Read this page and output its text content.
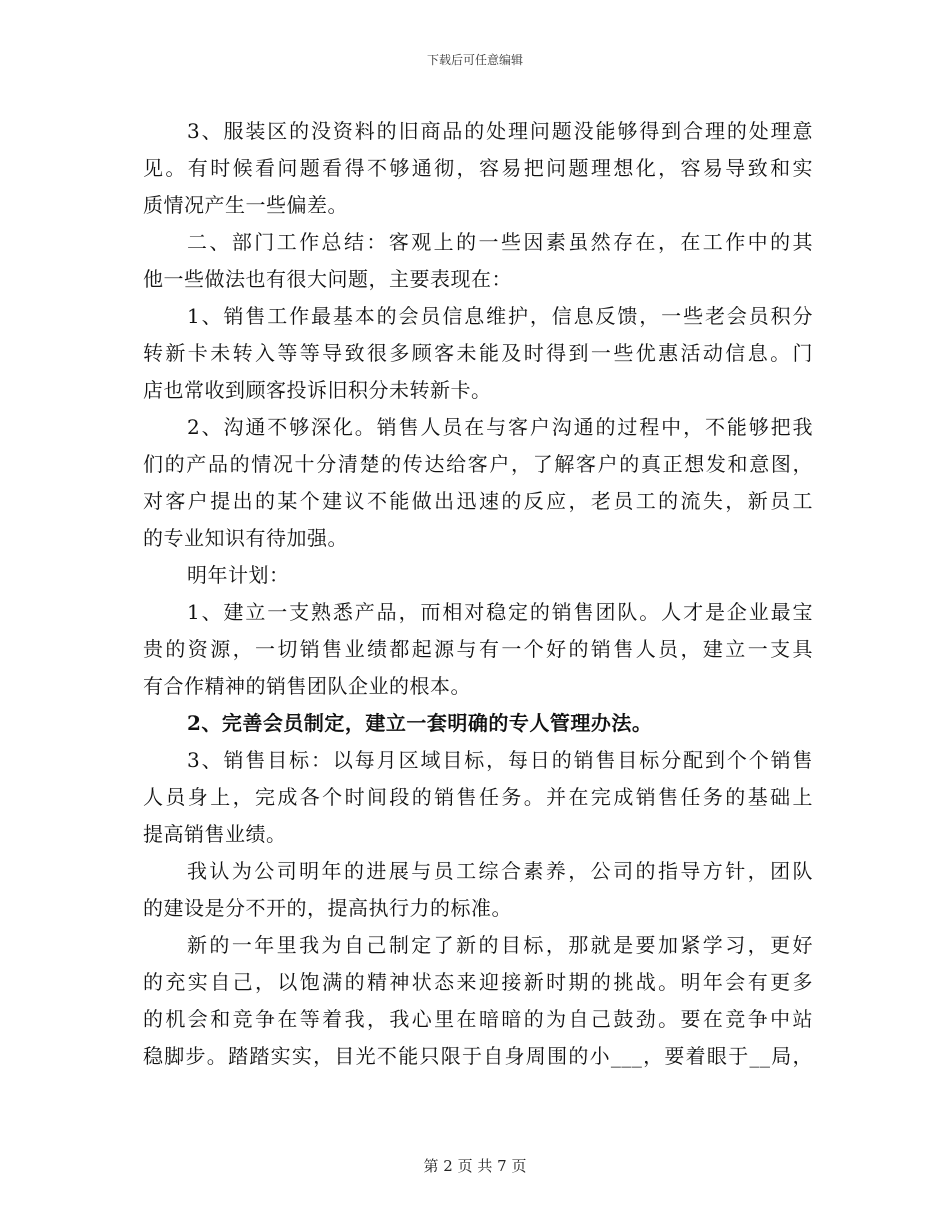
下载后可任意编辑
3、服装区的没资料的旧商品的处理问题没能够得到合理的处理意
见。有时候看问题看得不够通彻，容易把问题理想化，容易导致和实
质情况产生一些偏差。
二、部门工作总结：客观上的一些因素虽然存在，在工作中的其
他一些做法也有很大问题，主要表现在：
1、销售工作最基本的会员信息维护，信息反馈，一些老会员积分
转新卡未转入等等导致很多顾客未能及时得到一些优惠活动信息。门
店也常收到顾客投诉旧积分未转新卡。
2、沟通不够深化。销售人员在与客户沟通的过程中，不能够把我
们的产品的情况十分清楚的传达给客户，了解客户的真正想发和意图，
对客户提出的某个建议不能做出迅速的反应，老员工的流失，新员工
的专业知识有待加强。
明年计划：
1、建立一支熟悉产品，而相对稳定的销售团队。人才是企业最宝
贵的资源，一切销售业绩都起源与有一个好的销售人员，建立一支具
有合作精神的销售团队企业的根本。
2、完善会员制定，建立一套明确的专人管理办法。
3、销售目标：以每月区域目标，每日的销售目标分配到个个销售
人员身上，完成各个时间段的销售任务。并在完成销售任务的基础上
提高销售业绩。
我认为公司明年的进展与员工综合素养，公司的指导方针，团队
的建设是分不开的，提高执行力的标准。
新的一年里我为自己制定了新的目标，那就是要加紧学习，更好
的充实自己，以饱满的精神状态来迎接新时期的挑战。明年会有更多
的机会和竞争在等着我，我心里在暗暗的为自己鼓劲。要在竞争中站
稳脚步。踏踏实实，目光不能只限于自身周围的小___，要着眼于__局，
第 2 页 共 7 页
